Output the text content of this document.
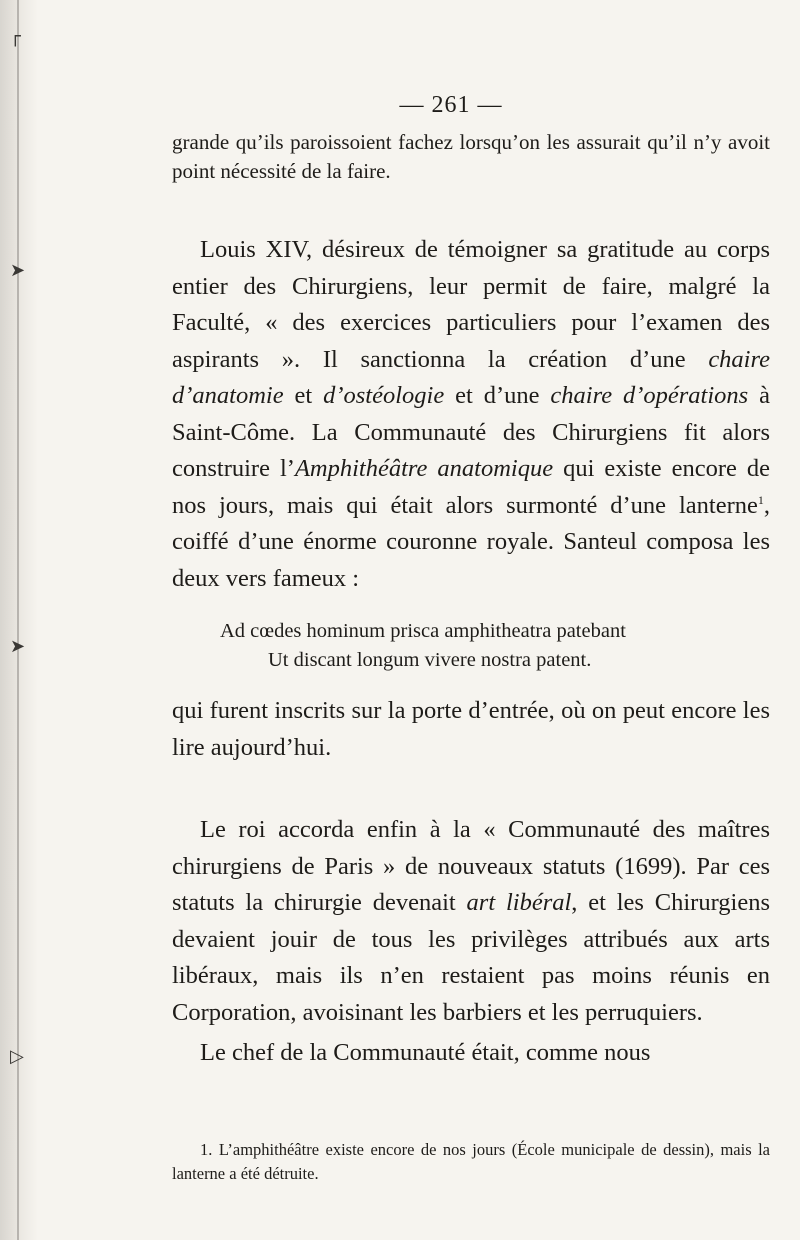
┌
➤
➤
▷
— 261 —

grande qu’ils paroissoient fachez lorsqu’on les assurait qu’il n’y avoit point nécessité de la faire.

Louis XIV, désireux de témoigner sa gratitude au corps entier des Chirurgiens, leur permit de faire, malgré la Faculté, « des exercices particuliers pour l’examen des aspirants ». Il sanctionna la création d’une chaire d’anatomie et d’ostéologie et d’une chaire d’opérations à Saint-Côme. La Communauté des Chirurgiens fit alors construire l’Amphithéâtre anatomique qui existe encore de nos jours, mais qui était alors surmonté d’une lanterne$^1$, coiffé d’une énorme couronne royale. Santeul composa les deux vers fameux :

Ad cœdes hominum prisca amphitheatra patebant
Ut discant longum vivere nostra patent.

qui furent inscrits sur la porte d’entrée, où on peut encore les lire aujourd’hui.

Le roi accorda enfin à la « Communauté des maîtres chirurgiens de Paris » de nouveaux statuts (1699). Par ces statuts la chirurgie devenait art libéral, et les Chirurgiens devaient jouir de tous les privilèges attribués aux arts libéraux, mais ils n’en restaient pas moins réunis en Corporation, avoisinant les barbiers et les perruquiers.

Le chef de la Communauté était, comme nous

1. L’amphithéâtre existe encore de nos jours (École municipale de dessin), mais la lanterne a été détruite.
